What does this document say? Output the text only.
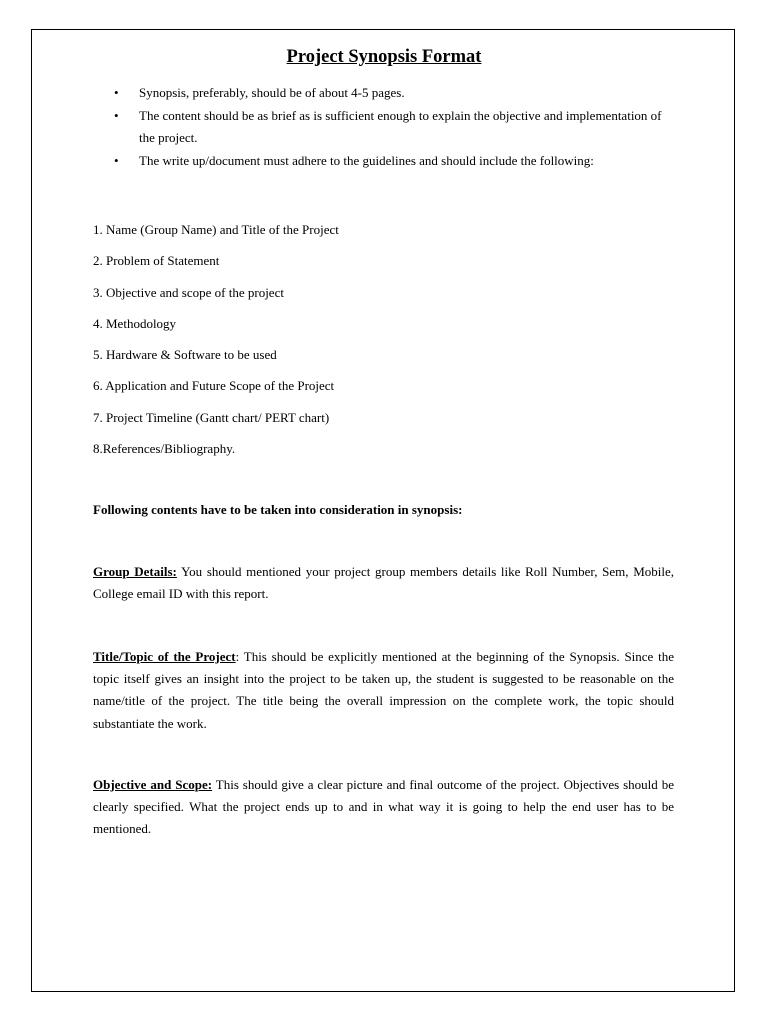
Project Synopsis Format
• Synopsis, preferably, should be of about 4-5 pages.
• The content should be as brief as is sufficient enough to explain the objective and implementation of the project.
• The write up/document must adhere to the guidelines and should include the following:
1. Name (Group Name) and Title of the Project
2. Problem of Statement
3. Objective and scope of the project
4. Methodology
5. Hardware & Software to be used
6. Application and Future Scope of the Project
7. Project Timeline (Gantt chart/ PERT chart)
8.References/Bibliography.

Following contents have to be taken into consideration in synopsis:

Group Details: You should mentioned your project group members details like Roll Number, Sem, Mobile, College email ID with this report.

Title/Topic of the Project: This should be explicitly mentioned at the beginning of the Synopsis. Since the topic itself gives an insight into the project to be taken up, the student is suggested to be reasonable on the name/title of the project. The title being the overall impression on the complete work, the topic should substantiate the work.

Objective and Scope: This should give a clear picture and final outcome of the project. Objectives should be clearly specified. What the project ends up to and in what way it is going to help the end user has to be mentioned.
